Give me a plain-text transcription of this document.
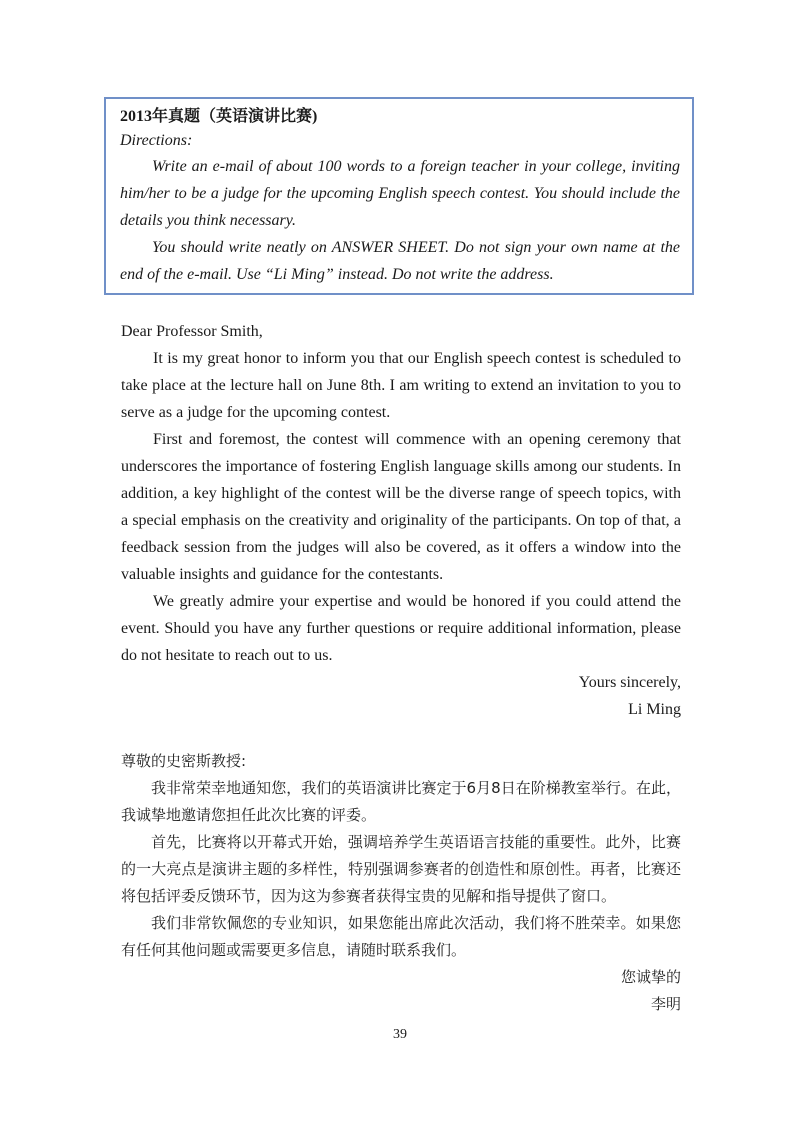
2013年真题（英语演讲比赛)

Directions:

Write an e-mail of about 100 words to a foreign teacher in your college, inviting him/her to be a judge for the upcoming English speech contest. You should include the details you think necessary.

You should write neatly on ANSWER SHEET. Do not sign your own name at the end of the e-mail. Use “Li Ming” instead. Do not write the address.

Dear Professor Smith,

It is my great honor to inform you that our English speech contest is scheduled to take place at the lecture hall on June 8th. I am writing to extend an invitation to you to serve as a judge for the upcoming contest.

First and foremost, the contest will commence with an opening ceremony that underscores the importance of fostering English language skills among our students. In addition, a key highlight of the contest will be the diverse range of speech topics, with a special emphasis on the creativity and originality of the participants. On top of that, a feedback session from the judges will also be covered, as it offers a window into the valuable insights and guidance for the contestants.

We greatly admire your expertise and would be honored if you could attend the event. Should you have any further questions or require additional information, please do not hesitate to reach out to us.

Yours sincerely,

Li Ming

尊敬的史密斯教授:

我非常荣幸地通知您，我们的英语演讲比赛定于6月8日在阶梯教室举行。在此，我诚挚地邀请您担任此次比赛的评委。

首先，比赛将以开幕式开始，强调培养学生英语语言技能的重要性。此外，比赛的一大亮点是演讲主题的多样性，特别强调参赛者的创造性和原创性。再者，比赛还将包括评委反馈环节，因为这为参赛者获得宝贵的见解和指导提供了窗口。

我们非常钦佩您的专业知识，如果您能出席此次活动，我们将不胜荣幸。如果您有任何其他问题或需要更多信息，请随时联系我们。

您诚挚的

李明

39
